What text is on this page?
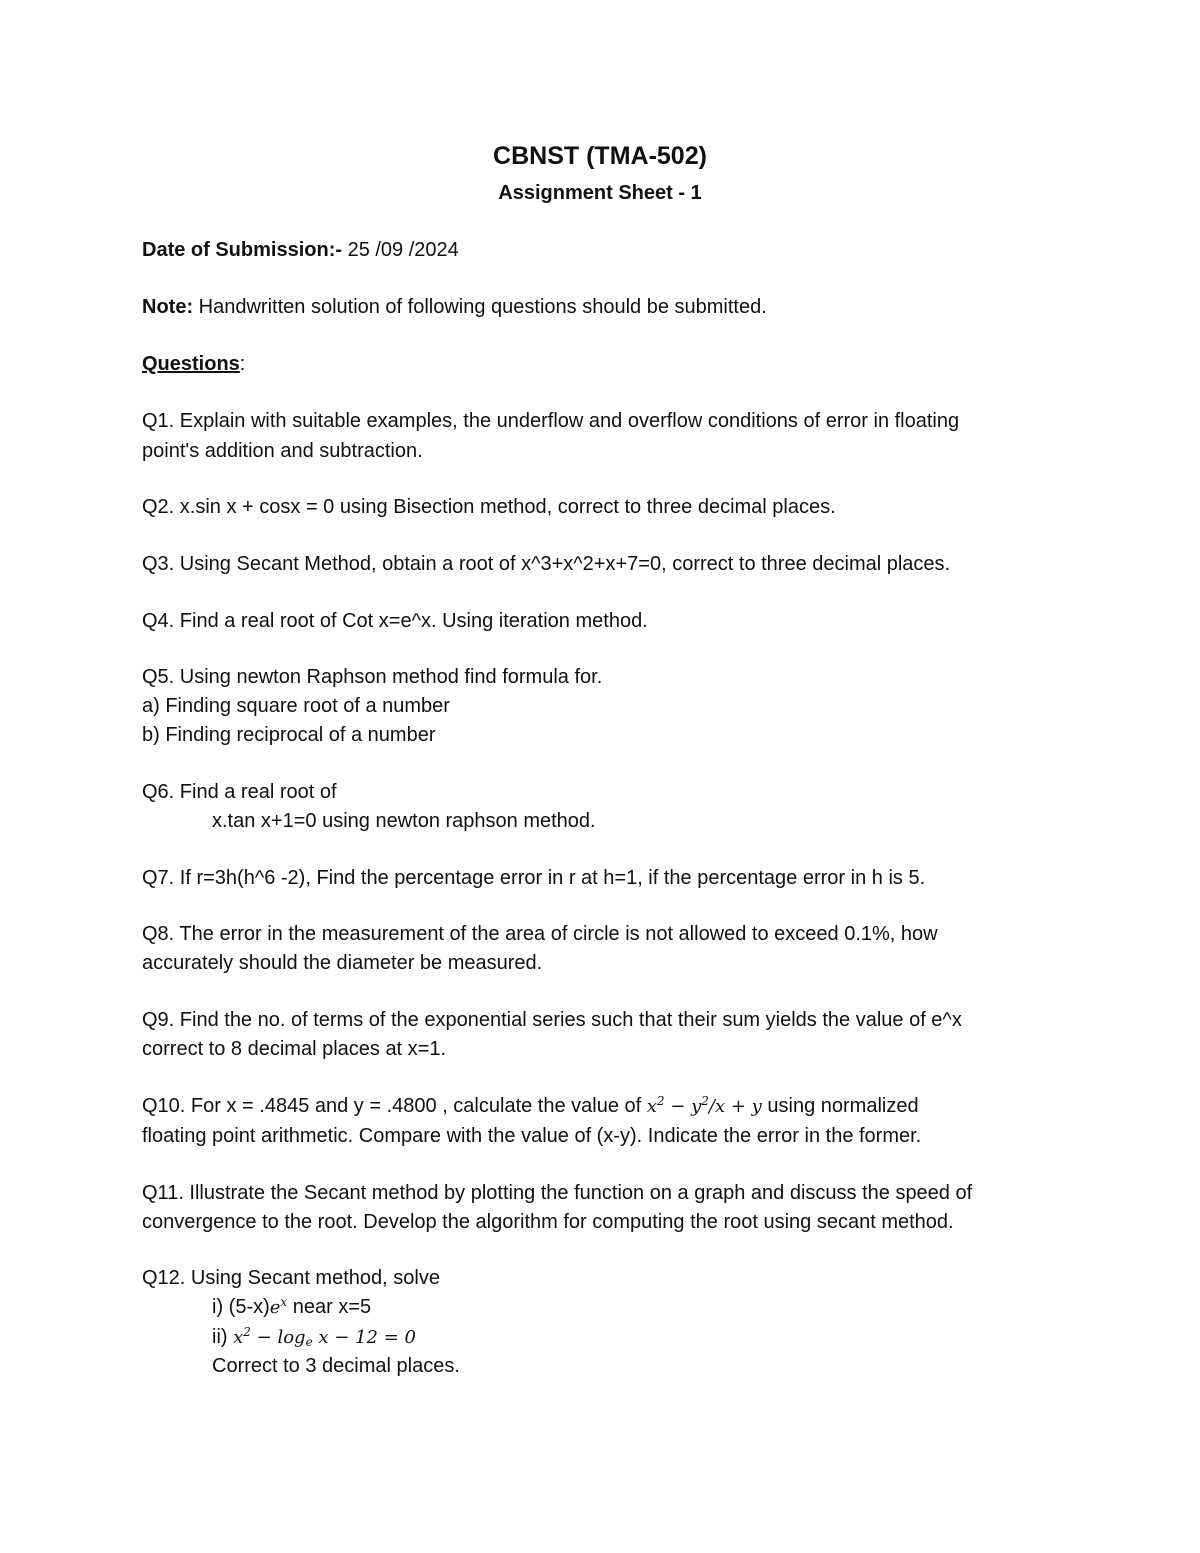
CBNST (TMA-502)
Assignment Sheet - 1
Date of Submission:- 25 /09 /2024
Note: Handwritten solution of following questions should be submitted.
Questions:
Q1. Explain with suitable examples, the underflow and overflow conditions of error in floating
point's addition and subtraction.
Q2. x.sin x + cosx = 0 using Bisection method, correct to three decimal places.
Q3. Using Secant Method, obtain a root of x^3+x^2+x+7=0, correct to three decimal places.
Q4. Find a real root of Cot x=e^x. Using iteration method.
Q5. Using newton Raphson method find formula for.
a) Finding square root of a number
b) Finding reciprocal of a number
Q6. Find a real root of
x.tan x+1=0 using newton raphson method.
Q7. If r=3h(h^6 -2), Find the percentage error in r at h=1, if the percentage error in h is 5.
Q8. The error in the measurement of the area of circle is not allowed to exceed 0.1%, how
accurately should the diameter be measured.
Q9. Find the no. of terms of the exponential series such that their sum yields the value of e^x
correct to 8 decimal places at x=1.
Q10. For x = .4845 and y = .4800 , calculate the value of $x^2 - y^2/x + y$ using normalized
floating point arithmetic. Compare with the value of (x-y). Indicate the error in the former.
Q11. Illustrate the Secant method by plotting the function on a graph and discuss the speed of
convergence to the root. Develop the algorithm for computing the root using secant method.
Q12. Using Secant method, solve
i) $(5-x)e^x$ near x=5
ii) $x^2 - \log_e x - 12 = 0$
Correct to 3 decimal places.
